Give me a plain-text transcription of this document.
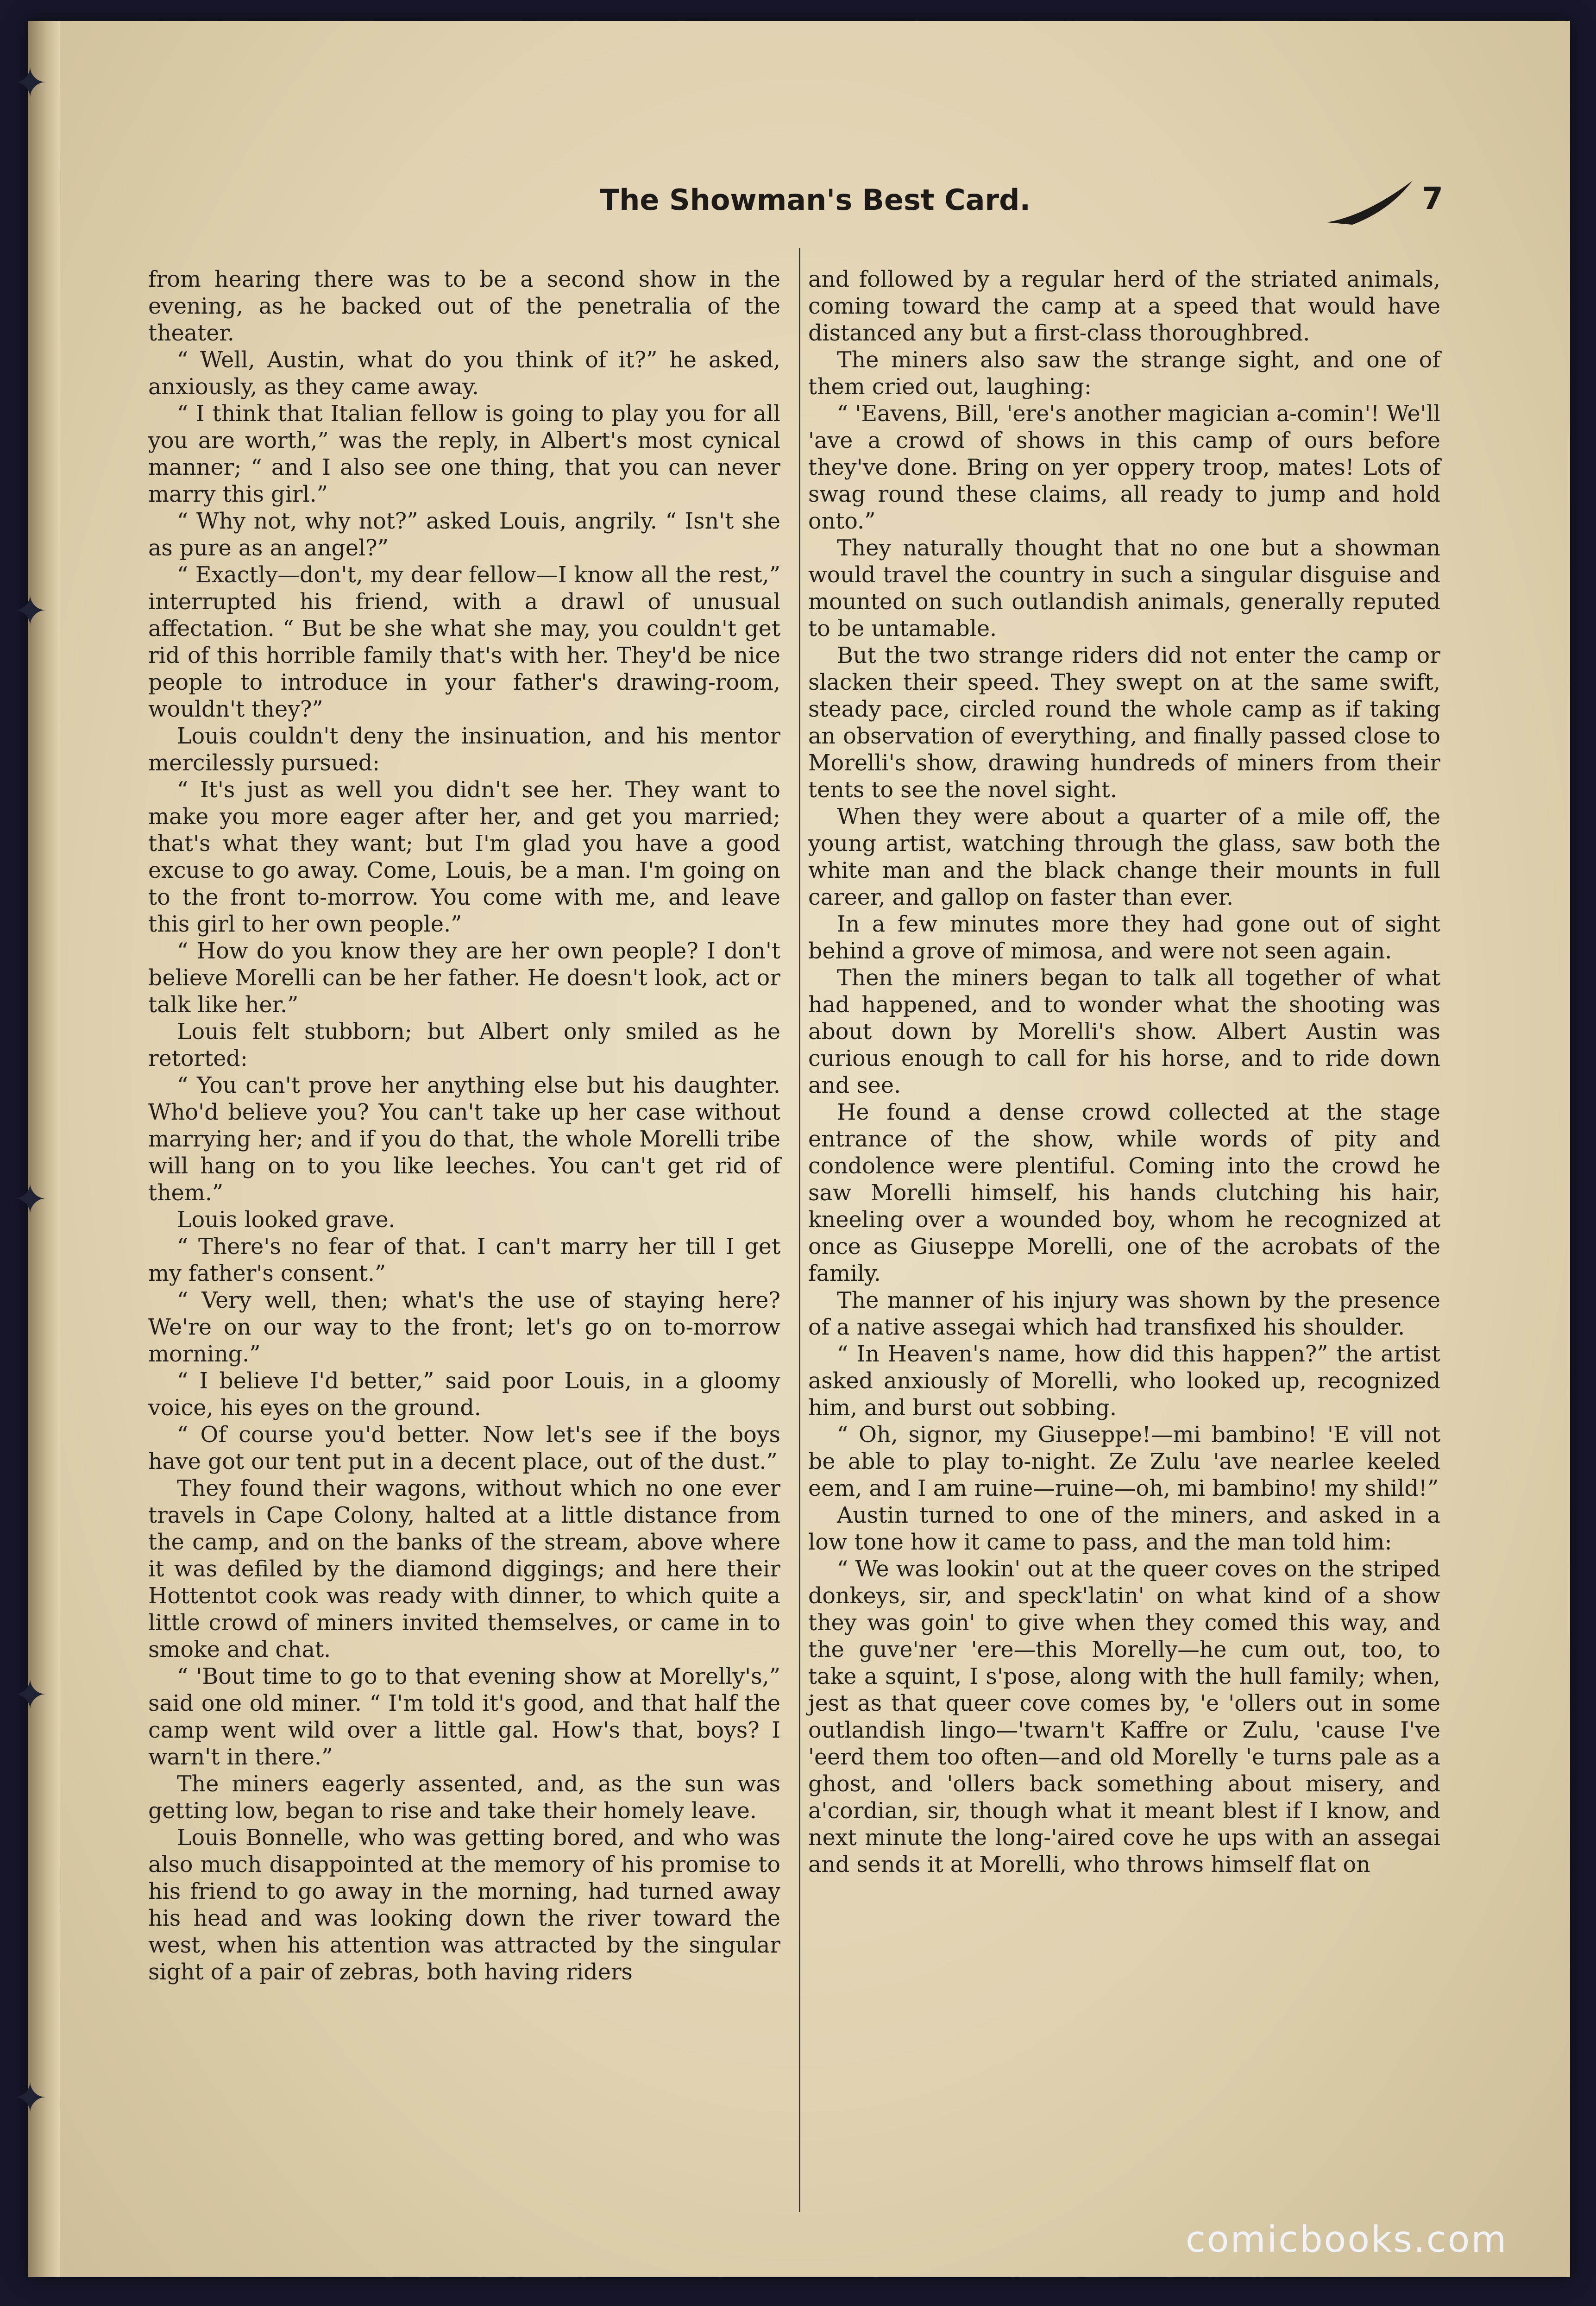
✦
✦
✦
✦
✦
The Showman's Best Card.	7

from hearing there was to be a second show in the evening, as he backed out of the penetralia of the theater.

“ Well, Austin, what do you think of it?” he asked, anxiously, as they came away.

“ I think that Italian fellow is going to play you for all you are worth,” was the reply, in Albert's most cynical manner; “ and I also see one thing, that you can never marry this girl.”

“ Why not, why not?” asked Louis, angrily. “ Isn't she as pure as an angel?”

“ Exactly—don't, my dear fellow—I know all the rest,” interrupted his friend, with a drawl of unusual affectation. “ But be she what she may, you couldn't get rid of this horrible family that's with her. They'd be nice people to introduce in your father's drawing-room, wouldn't they?”

Louis couldn't deny the insinuation, and his mentor mercilessly pursued:

“ It's just as well you didn't see her. They want to make you more eager after her, and get you married; that's what they want; but I'm glad you have a good excuse to go away. Come, Louis, be a man. I'm going on to the front to-morrow. You come with me, and leave this girl to her own people.”

“ How do you know they are her own people? I don't believe Morelli can be her father. He doesn't look, act or talk like her.”

Louis felt stubborn; but Albert only smiled as he retorted:

“ You can't prove her anything else but his daughter. Who'd believe you? You can't take up her case without marrying her; and if you do that, the whole Morelli tribe will hang on to you like leeches. You can't get rid of them.”

Louis looked grave.

“ There's no fear of that. I can't marry her till I get my father's consent.”

“ Very well, then; what's the use of staying here? We're on our way to the front; let's go on to-morrow morning.”

“ I believe I'd better,” said poor Louis, in a gloomy voice, his eyes on the ground.

“ Of course you'd better. Now let's see if the boys have got our tent put in a decent place, out of the dust.”

They found their wagons, without which no one ever travels in Cape Colony, halted at a little distance from the camp, and on the banks of the stream, above where it was defiled by the diamond diggings; and here their Hottentot cook was ready with dinner, to which quite a little crowd of miners invited themselves, or came in to smoke and chat.

“ 'Bout time to go to that evening show at Morelly's,” said one old miner. “ I'm told it's good, and that half the camp went wild over a little gal. How's that, boys? I warn't in there.”

The miners eagerly assented, and, as the sun was getting low, began to rise and take their homely leave.

Louis Bonnelle, who was getting bored, and who was also much disappointed at the memory of his promise to his friend to go away in the morning, had turned away his head and was looking down the river toward the west, when his attention was attracted by the singular sight of a pair of zebras, both having riders

and followed by a regular herd of the striated animals, coming toward the camp at a speed that would have distanced any but a first-class thoroughbred.

The miners also saw the strange sight, and one of them cried out, laughing:

“ 'Eavens, Bill, 'ere's another magician a-comin'! We'll 'ave a crowd of shows in this camp of ours before they've done. Bring on yer oppery troop, mates! Lots of swag round these claims, all ready to jump and hold onto.”

They naturally thought that no one but a showman would travel the country in such a singular disguise and mounted on such outlandish animals, generally reputed to be untamable.

But the two strange riders did not enter the camp or slacken their speed. They swept on at the same swift, steady pace, circled round the whole camp as if taking an observation of everything, and finally passed close to Morelli's show, drawing hundreds of miners from their tents to see the novel sight.

When they were about a quarter of a mile off, the young artist, watching through the glass, saw both the white man and the black change their mounts in full career, and gallop on faster than ever.

In a few minutes more they had gone out of sight behind a grove of mimosa, and were not seen again.

Then the miners began to talk all together of what had happened, and to wonder what the shooting was about down by Morelli's show. Albert Austin was curious enough to call for his horse, and to ride down and see.

He found a dense crowd collected at the stage entrance of the show, while words of pity and condolence were plentiful. Coming into the crowd he saw Morelli himself, his hands clutching his hair, kneeling over a wounded boy, whom he recognized at once as Giuseppe Morelli, one of the acrobats of the family.

The manner of his injury was shown by the presence of a native assegai which had transfixed his shoulder.

“ In Heaven's name, how did this happen?” the artist asked anxiously of Morelli, who looked up, recognized him, and burst out sobbing.

“ Oh, signor, my Giuseppe!—mi bambino! 'E vill not be able to play to-night. Ze Zulu 'ave nearlee keeled eem, and I am ruine—ruine—oh, mi bambino! my shild!”

Austin turned to one of the miners, and asked in a low tone how it came to pass, and the man told him:

“ We was lookin' out at the queer coves on the striped donkeys, sir, and speck'latin' on what kind of a show they was goin' to give when they comed this way, and the guve'ner 'ere—this Morelly—he cum out, too, to take a squint, I s'pose, along with the hull family; when, jest as that queer cove comes by, 'e 'ollers out in some outlandish lingo—'twarn't Kaffre or Zulu, 'cause I've 'eerd them too often—and old Morelly 'e turns pale as a ghost, and 'ollers back something about misery, and a'cordian, sir, though what it meant blest if I know, and next minute the long-'aired cove he ups with an assegai and sends it at Morelli, who throws himself flat on

comicbooks.com
